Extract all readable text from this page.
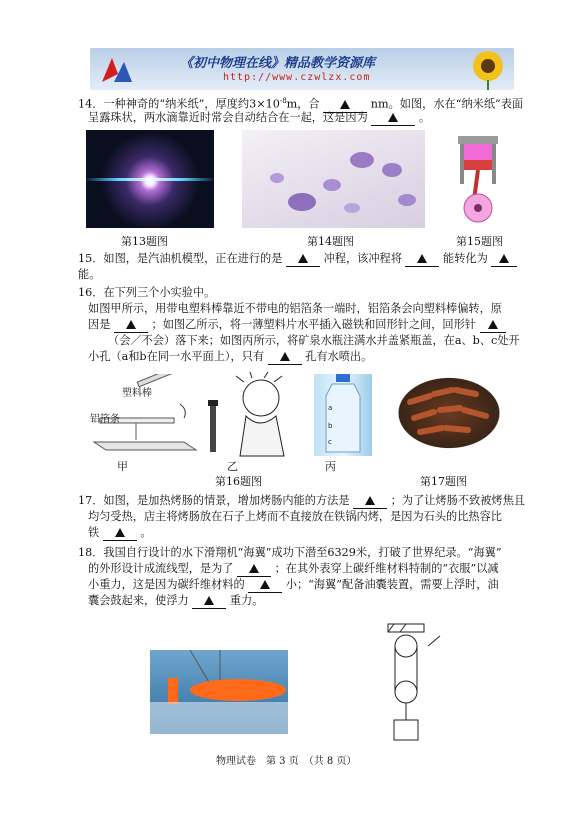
《初中物理在线》精品教学资源库
http://www.czwlzx.com
14．一种神奇的“纳米纸”，厚度约$3\times 10^{-8}m$，合	nm。如图，水在“纳米纸”表面
呈露珠状，两水滴靠近时常会自动结合在一起，这是因为	。
第13题图	第14题图	第15题图
15．如图，是汽油机模型，正在进行的是	冲程，该冲程将	能转化为
能。
16．在下列三个小实验中。
如图甲所示，用带电塑料棒靠近不带电的铝箔条一端时，铝箔条会向塑料棒偏转，原
因是	；如图乙所示，将一薄塑料片水平插入磁铁和回形针之间，回形针
（会／不会）落下来；如图丙所示，将矿泉水瓶注满水并盖紧瓶盖，在a、b、c处开
小孔（a和b在同一水平面上），只有	孔有水喷出。
塑料棒
铝箔条
a
b
c
甲	乙	丙
第16题图	第17题图
17．如图，是加热烤肠的情景，增加烤肠内能的方法是	；为了让烤肠不致被烤焦且
均匀受热，店主将烤肠放在石子上烤而不直接放在铁锅内烤，是因为石头的比热容比
铁	。
18．我国自行设计的水下滑翔机“海翼”成功下潜至6329米，打破了世界纪录。“海翼”
的外形设计成流线型，是为了	；在其外表穿上碳纤维材料特制的“衣服”以减
小重力，这是因为碳纤维材料的	小；“海翼”配备油囊装置，需要上浮时，油
囊会鼓起来，使浮力	重力。
物理试卷　第 3 页　（共 8 页）
